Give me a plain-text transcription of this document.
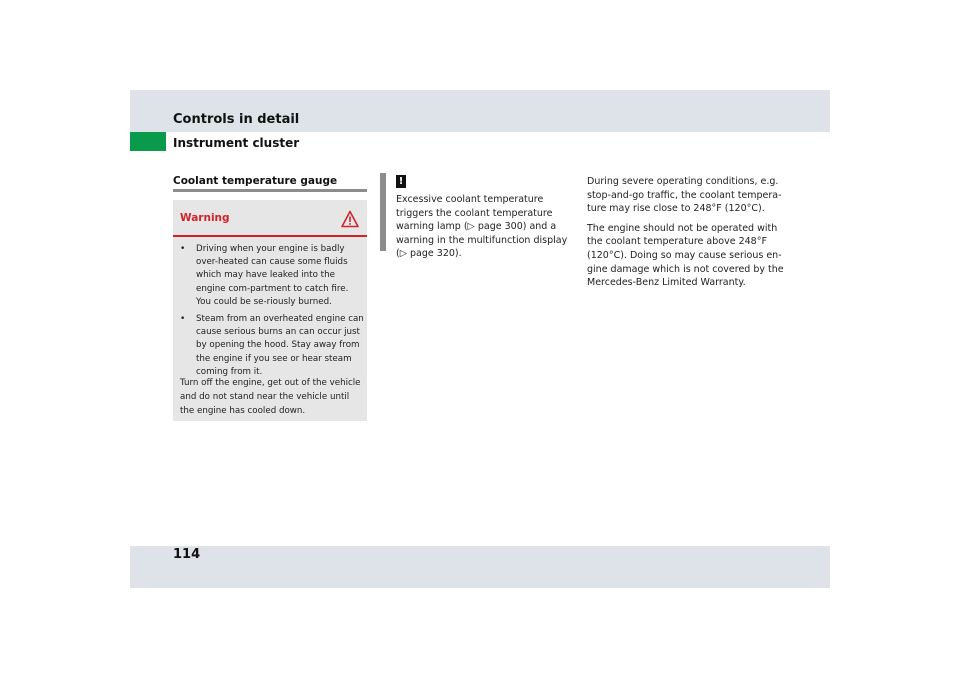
Controls in detail
Instrument cluster
Coolant temperature gauge
Warning
• Driving when your engine is badly over-heated can cause some fluids which may have leaked into the engine com-partment to catch fire. You could be se-riously burned.
• Steam from an overheated engine can cause serious burns an can occur just by opening the hood. Stay away from the engine if you see or hear steam coming from it.
Turn off the engine, get out of the vehicle and do not stand near the vehicle until the engine has cooled down.
!
Excessive coolant temperature triggers the coolant temperature warning lamp (▷ page 300) and a warning in the multifunction display (▷ page 320).

During severe operating conditions, e.g. stop-and-go traffic, the coolant tempera-ture may rise close to 248°F (120°C).

The engine should not be operated with the coolant temperature above 248°F (120°C). Doing so may cause serious en-gine damage which is not covered by the Mercedes-Benz Limited Warranty.

114
